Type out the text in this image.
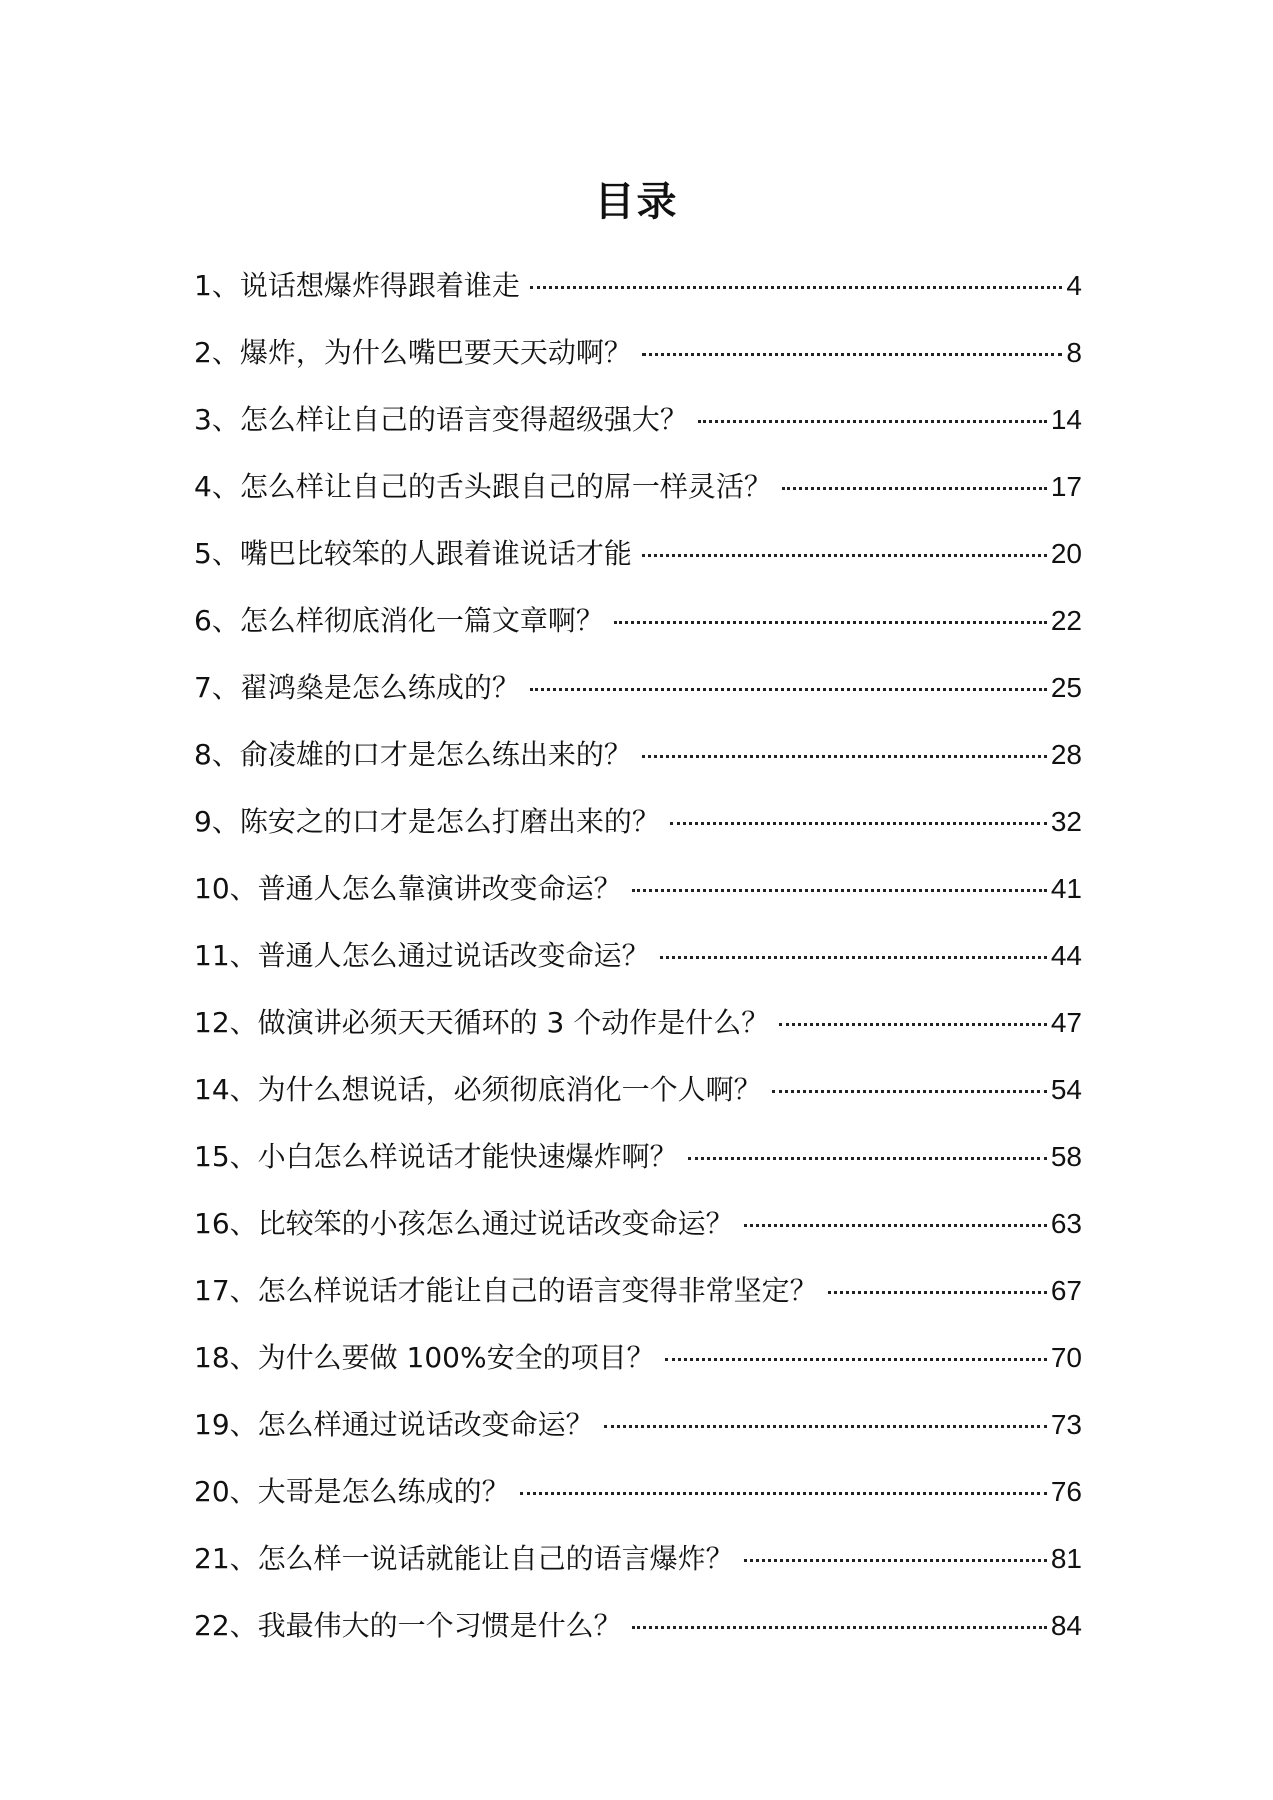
目录
1、说话想爆炸得跟着谁走	4
2、爆炸，为什么嘴巴要天天动啊？	8
3、怎么样让自己的语言变得超级强大？	14
4、怎么样让自己的舌头跟自己的屌一样灵活？	17
5、嘴巴比较笨的人跟着谁说话才能	20
6、怎么样彻底消化一篇文章啊？	22
7、翟鸿燊是怎么练成的？	25
8、俞凌雄的口才是怎么练出来的？	28
9、陈安之的口才是怎么打磨出来的？	32
10、普通人怎么靠演讲改变命运？	41
11、普通人怎么通过说话改变命运？	44
12、做演讲必须天天循环的 3 个动作是什么？	47
14、为什么想说话，必须彻底消化一个人啊？	54
15、小白怎么样说话才能快速爆炸啊？	58
16、比较笨的小孩怎么通过说话改变命运？	63
17、怎么样说话才能让自己的语言变得非常坚定？	67
18、为什么要做 100%安全的项目？	70
19、怎么样通过说话改变命运？	73
20、大哥是怎么练成的？	76
21、怎么样一说话就能让自己的语言爆炸？	81
22、我最伟大的一个习惯是什么？	84
